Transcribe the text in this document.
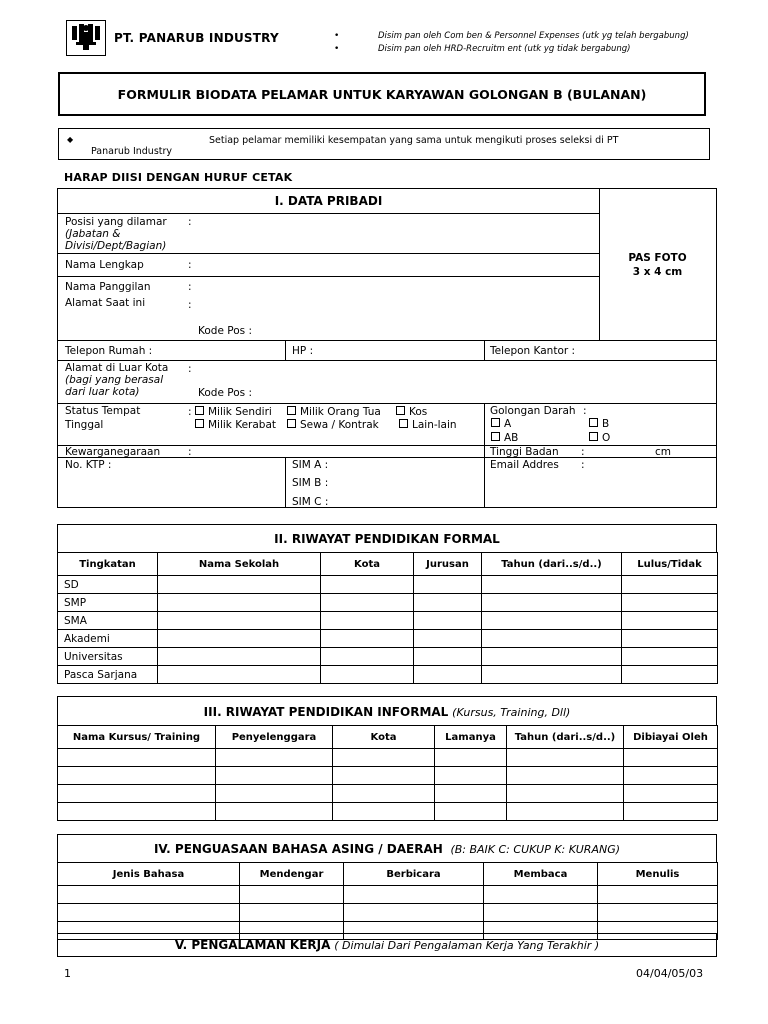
PT. PANARUB INDUSTRY	•	Disim pan oleh Com ben & Personnel Expenses (utk yg telah bergabung)
•	Disim pan oleh HRD-Recruitm ent (utk yg tidak bergabung)
FORMULIR BIODATA PELAMAR UNTUK KARYAWAN GOLONGAN B (BULANAN)
◆	Setiap pelamar memiliki kesempatan yang sama untuk mengikuti proses seleksi di PT
Panarub Industry
HARAP DIISI DENGAN HURUF CETAK
I. DATA PRIBADI
PAS FOTO
3 x 4 cm
Posisi yang dilamar
(Jabatan &
Divisi/Dept/Bagian)
:
Nama Lengkap	:
Nama Panggilan	:
Alamat Saat ini	:
Kode Pos :
Telepon Rumah :	HP :	Telepon Kantor :
Alamat di Luar Kota
(bagi yang berasal
dari luar kota)
:
Kode Pos :
Status Tempat
Tinggal
:	Milik Sendiri	Milik Orang Tua	Kos
Milik Kerabat	Sewa / Kontrak	Lain-lain
Golongan Darah :
A	B
AB	O
Kewarganegaraan	:	Tinggi Badan :	cm
No. KTP :	SIM A :
SIM B :
SIM C :
Email Addres :
II. RIWAYAT PENDIDIKAN FORMAL
Tingkatan	Nama Sekolah	Kota	Jurusan	Tahun (dari..s/d..)	Lulus/Tidak
SD					
SMP					
SMA					
Akademi					
Universitas					
Pasca Sarjana					
III. RIWAYAT PENDIDIKAN INFORMAL (Kursus, Training, Dll)
Nama Kursus/ Training	Penyelenggara	Kota	Lamanya	Tahun (dari..s/d..)	Dibiayai Oleh

IV. PENGUASAAN BAHASA ASING / DAERAH (B: BAIK C: CUKUP K: KURANG)
Jenis Bahasa	Mendengar	Berbicara	Membaca	Menulis

V. PENGALAMAN KERJA ( Dimulai Dari Pengalaman Kerja Yang Terakhir )
1	04/04/05/03
